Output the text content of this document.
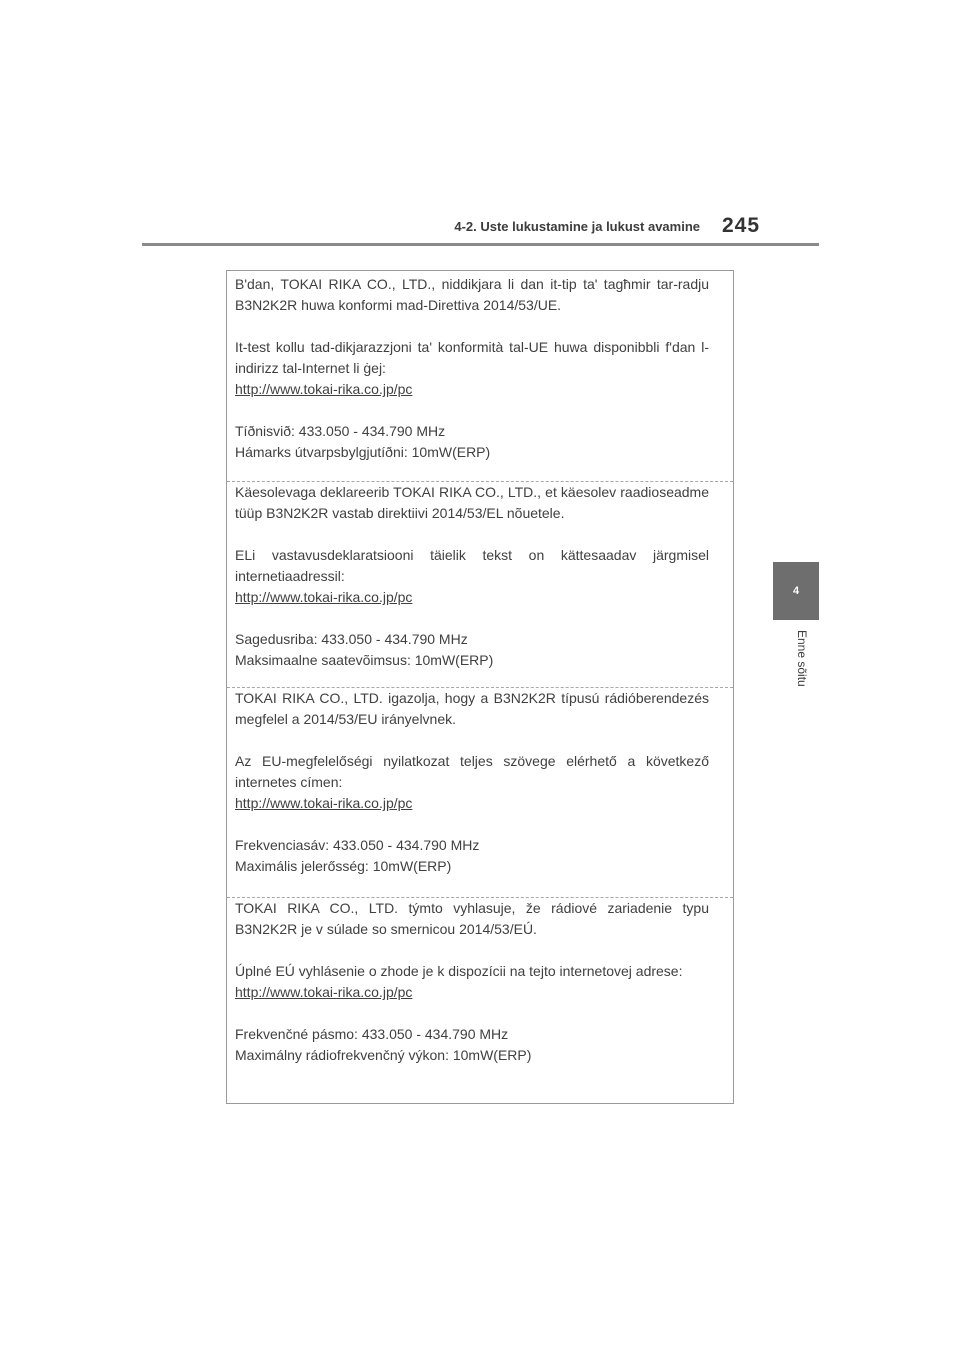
4-2. Uste lukustamine ja lukust avamine 245
4
Enne sõitu

B'dan, TOKAI RIKA CO., LTD., niddikjara li dan it-tip ta' tagħmir tar-radju B3N2K2R huwa konformi mad-Direttiva 2014/53/UE.

It-test kollu tad-dikjarazzjoni ta' konformità tal-UE huwa disponibbli f'dan l-indirizz tal-Internet li ġej:

http://www.tokai-rika.co.jp/pc

Tíðnisvið: 433.050 - 434.790 MHz

Hámarks útvarpsbylgjutíðni: 10mW(ERP)

Käesolevaga deklareerib TOKAI RIKA CO., LTD., et käesolev raadioseadme tüüp B3N2K2R vastab direktiivi 2014/53/EL nõuetele.

ELi vastavusdeklaratsiooni täielik tekst on kättesaadav järgmisel internetiaadressil:

http://www.tokai-rika.co.jp/pc

Sagedusriba: 433.050 - 434.790 MHz

Maksimaalne saatevõimsus: 10mW(ERP)

TOKAI RIKA CO., LTD. igazolja, hogy a B3N2K2R típusú rádióberendezés megfelel a 2014/53/EU irányelvnek.

Az EU-megfelelőségi nyilatkozat teljes szövege elérhető a következő internetes címen:

http://www.tokai-rika.co.jp/pc

Frekvenciasáv: 433.050 - 434.790 MHz

Maximális jelerősség: 10mW(ERP)

TOKAI RIKA CO., LTD. týmto vyhlasuje, že rádiové zariadenie typu B3N2K2R je v súlade so smernicou 2014/53/EÚ.

Úplné EÚ vyhlásenie o zhode je k dispozícii na tejto internetovej adrese:

http://www.tokai-rika.co.jp/pc

Frekvenčné pásmo: 433.050 - 434.790 MHz

Maximálny rádiofrekvenčný výkon: 10mW(ERP)
